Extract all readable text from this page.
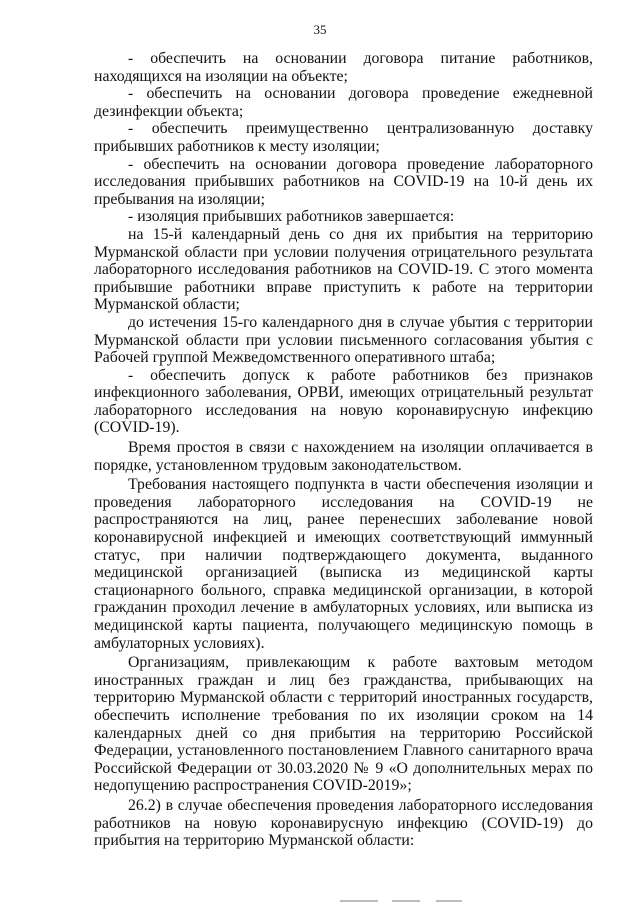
35

- обеспечить на основании договора питание работников, находящихся на изоляции на объекте;

- обеспечить на основании договора проведение ежедневной дезинфекции объекта;

- обеспечить преимущественно централизованную доставку прибывших работников к месту изоляции;

- обеспечить на основании договора проведение лабораторного исследования прибывших работников на COVID-19 на 10-й день их пребывания на изоляции;

- изоляция прибывших работников завершается:

на 15-й календарный день со дня их прибытия на территорию Мурманской области при условии получения отрицательного результата лабораторного исследования работников на COVID-19. С этого момента прибывшие работники вправе приступить к работе на территории Мурманской области;

до истечения 15-го календарного дня в случае убытия с территории Мурманской области при условии письменного согласования убытия с Рабочей группой Межведомственного оперативного штаба;

- обеспечить допуск к работе работников без признаков инфекционного заболевания, ОРВИ, имеющих отрицательный результат лабораторного исследования на новую коронавирусную инфекцию (COVID-19).

Время простоя в связи с нахождением на изоляции оплачивается в порядке, установленном трудовым законодательством.

Требования настоящего подпункта в части обеспечения изоляции и проведения лабораторного исследования на COVID-19 не распространяются на лиц, ранее перенесших заболевание новой коронавирусной инфекцией и имеющих соответствующий иммунный статус, при наличии подтверждающего документа, выданного медицинской организацией (выписка из медицинской карты стационарного больного, справка медицинской организации, в которой гражданин проходил лечение в амбулаторных условиях, или выписка из медицинской карты пациента, получающего медицинскую помощь в амбулаторных условиях).

Организациям, привлекающим к работе вахтовым методом иностранных граждан и лиц без гражданства, прибывающих на территорию Мурманской области с территорий иностранных государств, обеспечить исполнение требования по их изоляции сроком на 14 календарных дней со дня прибытия на территорию Российской Федерации, установленного постановлением Главного санитарного врача Российской Федерации от 30.03.2020 № 9 «О дополнительных мерах по недопущению распространения COVID-2019»;

26.2) в случае обеспечения проведения лабораторного исследования работников на новую коронавирусную инфекцию (COVID-19) до прибытия на территорию Мурманской области:
